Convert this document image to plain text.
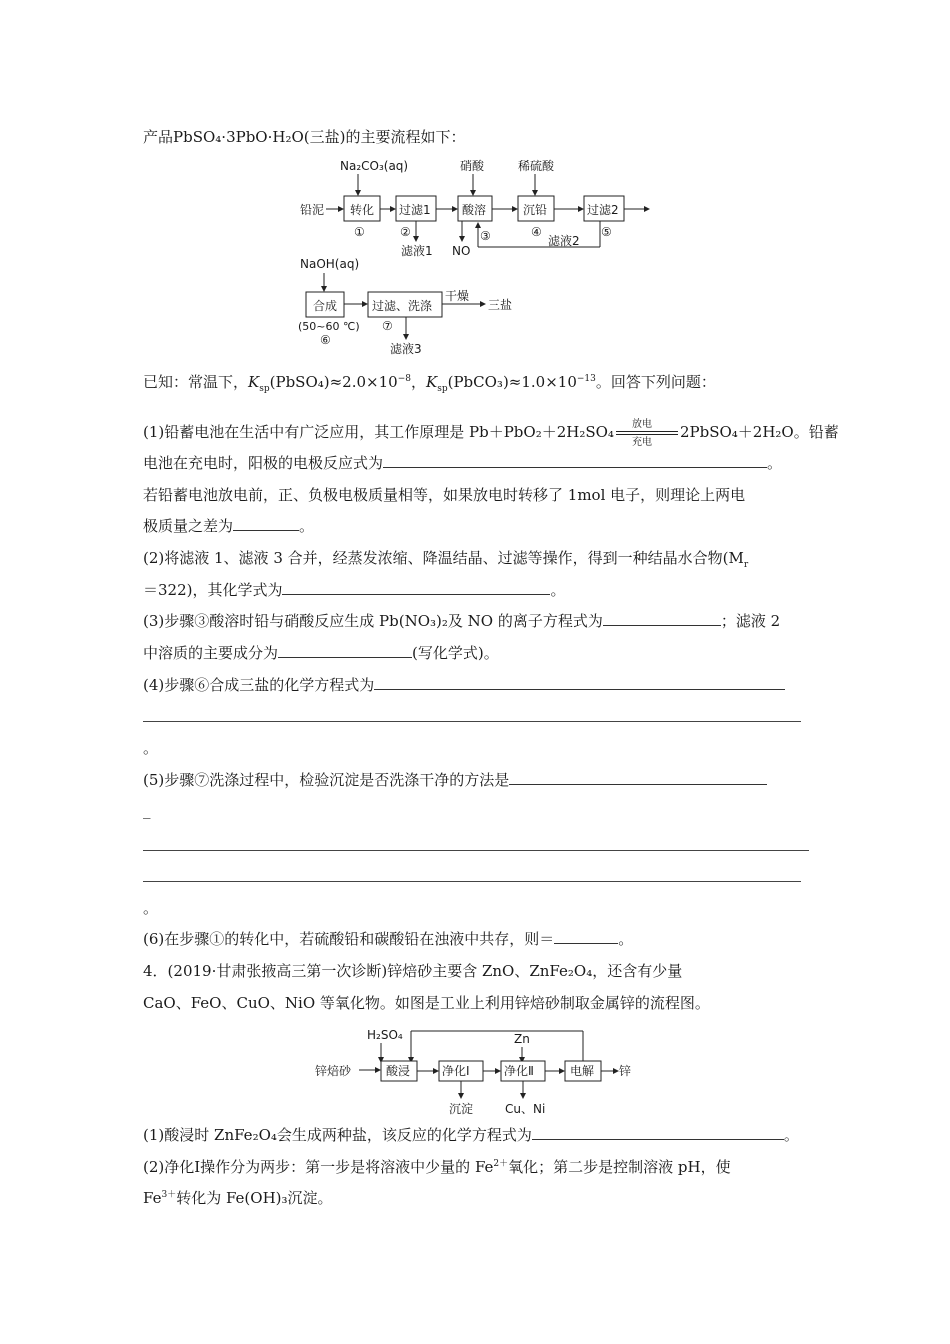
产品PbSO₄·3PbO·H₂O(三盐)的主要流程如下：
Na₂CO₃(aq)	硝酸	稀硫酸
铅泥 转化 过滤1	酸溶	沉铅	过滤2
①	②	③	④	⑤
滤液1 NO
滤液2
NaOH(aq)
合成	过滤、洗涤
干燥
三盐
(50~60 ℃)
⑥
⑦
滤液3
已知：常温下，$K_{sp}(PbSO_4)\approx 2.0\times 10^{-8}$，$K_{sp}(PbCO_3)\approx 1.0\times 10^{-13}$。回答下列问题：
(1)铅蓄电池在生活中有广泛应用，其工作原理是 Pb＋PbO₂＋2H₂SO₄ 放电
充电
2PbSO₄＋2H₂O。铅蓄
电池在充电时，阳极的电极反应式为	。
若铅蓄电池放电前，正、负极电极质量相等，如果放电时转移了 1mol 电子，则理论上两电
极质量之差为	。
(2)将滤液 1、滤液 3 合并，经蒸发浓缩、降温结晶、过滤等操作，得到一种结晶水合物($M_r$
＝322)，其化学式为	。
(3)步骤③酸溶时铅与硝酸反应生成 Pb(NO₃)₂及 NO 的离子方程式为	；滤液 2
中溶质的主要成分为	(写化学式)。
(4)步骤⑥合成三盐的化学方程式为
。
(5)步骤⑦洗涤过程中，检验沉淀是否洗涤干净的方法是
_
。
(6)在步骤①的转化中，若硫酸铅和碳酸铅在浊液中共存，则＝	。
4．(2019·甘肃张掖高三第一次诊断)锌焙砂主要含 ZnO、ZnFe₂O₄，还含有少量
CaO、FeO、CuO、NiO 等氧化物。如图是工业上利用锌焙砂制取金属锌的流程图。
H₂SO₄	Zn
锌焙砂	酸浸	净化Ⅰ	净化Ⅱ	电解 锌
沉淀	Cu、Ni
(1)酸浸时 ZnFe₂O₄会生成两种盐，该反应的化学方程式为	。
(2)净化Ⅰ操作分为两步：第一步是将溶液中少量的 $Fe^{2+}$氧化；第二步是控制溶液 pH，使
$Fe^{3+}$转化为 Fe(OH)₃沉淀。
